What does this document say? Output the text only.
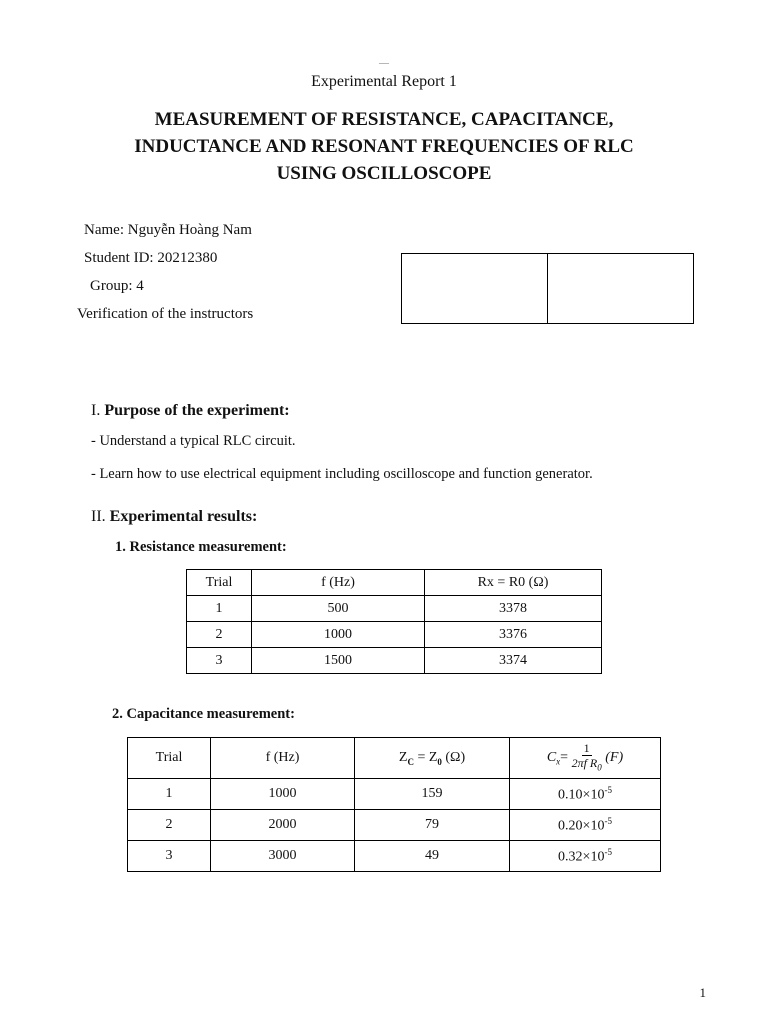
—
Experimental Report 1
MEASUREMENT OF RESISTANCE, CAPACITANCE,
INDUCTANCE AND RESONANT FREQUENCIES OF RLC
USING OSCILLOSCOPE
Name: Nguyễn Hoàng Nam
Student ID: 20212380
Group: 4
Verification of the instructors
I. Purpose of the experiment:
- Understand a typical RLC circuit.
- Learn how to use electrical equipment including oscilloscope and function generator.
II. Experimental results:
1. Resistance measurement:
Trial	f (Hz)	Rx = R0 (Ω)
1	500	3378
2	1000	3376
3	1500	3374
2. Capacitance measurement:
Trial	f (Hz)	$Z_C = Z_0$ (Ω)	$C_x= \frac{1}{2\pi f R_0} (F)$
1	1000	159	$0.10\times 10^{-5}$
2	2000	79	$0.20\times 10^{-5}$
3	3000	49	$0.32\times 10^{-5}$
1
